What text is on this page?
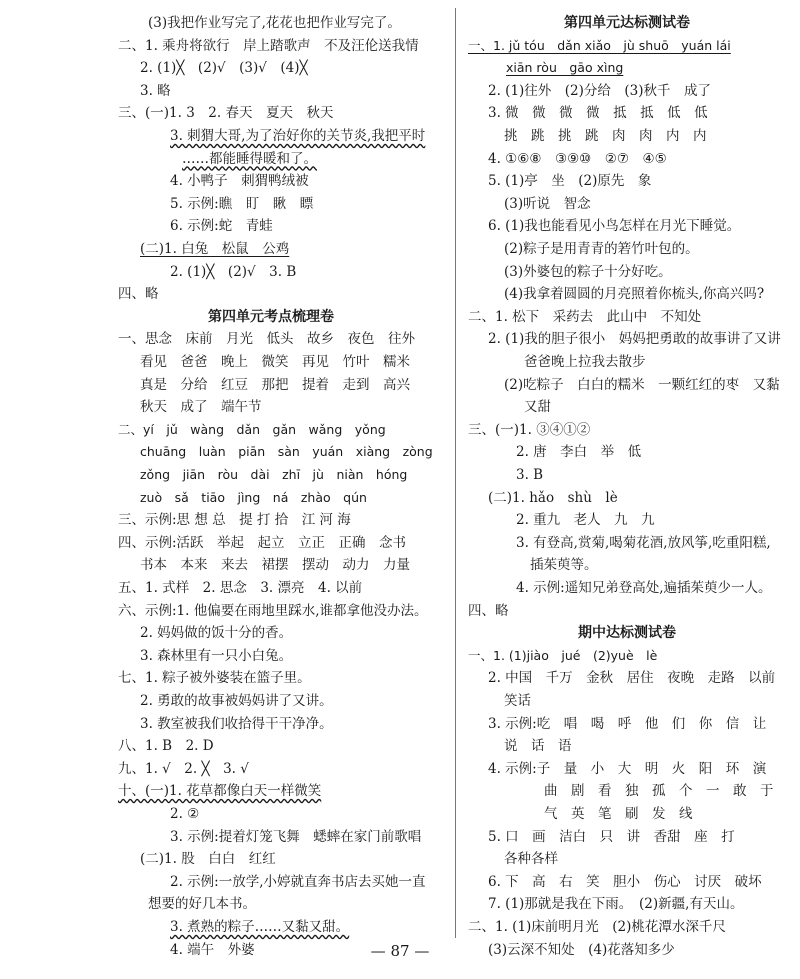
(3)我把作业写完了,花花也把作业写完了。
二、1. 乘舟将欲行　岸上踏歌声　不及汪伦送我情
2. (1)╳　(2)√　(3)√　(4)╳
3. 略
三、(一)1. 3　2. 春天　夏天　秋天
3. 刺猬大哥,为了治好你的关节炎,我把平时
……都能睡得暖和了。
4. 小鸭子　刺猬鸭绒被
5. 示例:瞧　盯　瞅　瞟
6. 示例:蛇　青蛙
(二)1. 白兔　松鼠　公鸡
2. (1)╳　(2)√　3. B
四、略
第四单元考点梳理卷
一、思念　床前　月光　低头　故乡　夜色　往外
看见　爸爸　晚上　微笑　再见　竹叶　糯米
真是　分给　红豆　那把　提着　走到　高兴
秋天　成了　端午节
二、yí　jǔ　wàng　dǎn　gǎn　wǎng　yǒng
chuāng　luàn　piān　sàn　yuán　xiàng　zòng
zǒng　jiān　ròu　dài　zhī　jù　niàn　hóng
zuò　sǎ　tiāo　jìng　ná　zhào　qún
三、示例:思 想 总　提 打 拾　江 河 海
四、示例:活跃　举起　起立　立正　正确　念书
书本　本来　来去　裙摆　摆动　动力　力量
五、1. 式样　2. 思念　3. 漂亮　4. 以前
六、示例:1. 他偏要在雨地里踩水,谁都拿他没办法。
2. 妈妈做的饭十分的香。
3. 森林里有一只小白兔。
七、1. 粽子被外婆装在篮子里。
2. 勇敢的故事被妈妈讲了又讲。
3. 教室被我们收拾得干干净净。
八、1. B　2. D
九、1. √　2. ╳　3. √
十、(一)1. 花草都像白天一样微笑
2. ②
3. 示例:提着灯笼飞舞　蟋蟀在家门前歌唱
(二)1. 股　白白　红红
2. 示例:一放学,小婷就直奔书店去买她一直
想要的好几本书。
3. 煮熟的粽子……又黏又甜。
第四单元达标测试卷
一、1. jǔ tóu　dǎn xiǎo　jù shuō　yuán lái
xiān ròu　gāo xìng
2. (1)往外　(2)分给　(3)秋千　成了
3. 微　微　微　微　抵　抵　低　低
挑　跳　挑　跳　肉　肉　内　内
4. ①⑥⑧　③⑨⑩　②⑦　④⑤
5. (1)亭　坐　(2)原先　象
(3)听说　智念
6. (1)我也能看见小鸟怎样在月光下睡觉。
(2)粽子是用青青的箬竹叶包的。
(3)外婆包的粽子十分好吃。
(4)我拿着圆圆的月亮照着你梳头,你高兴吗?
二、1. 松下　采药去　此山中　不知处
2. (1)我的胆子很小　妈妈把勇敢的故事讲了又讲
爸爸晚上拉我去散步
(2)吃粽子　白白的糯米　一颗红红的枣　又黏
又甜
三、(一)1. ③④①②
2. 唐　李白　举　低
3. B
(二)1. hǎo　shù　lè
2. 重九　老人　九　九
3. 有登高,赏菊,喝菊花酒,放风筝,吃重阳糕,
插茱萸等。
4. 示例:遥知兄弟登高处,遍插茱萸少一人。
四、略
期中达标测试卷
一、1. (1)jiào　jué　(2)yuè　lè
2. 中国　千万　金秋　居住　夜晚　走路　以前
笑话
3. 示例:吃　唱　喝　呼　他　们　你　信　让
说　话　语
4. 示例:子　量　小　大　明　火　阳　环　演
曲　剧　看　独　孤　个　一　敢　于
气　英　笔　刷　发　线
5. 口　画　洁白　只　讲　香甜　座　打
各种各样
6. 下　高　右　笑　胆小　伤心　讨厌　破坏
— 87 —
4. 端午　外婆
7. (1)那就是我在下雨。　(2)新疆,有天山。
二、1. (1)床前明月光　(2)桃花潭水深千尺
(3)云深不知处　(4)花落知多少
